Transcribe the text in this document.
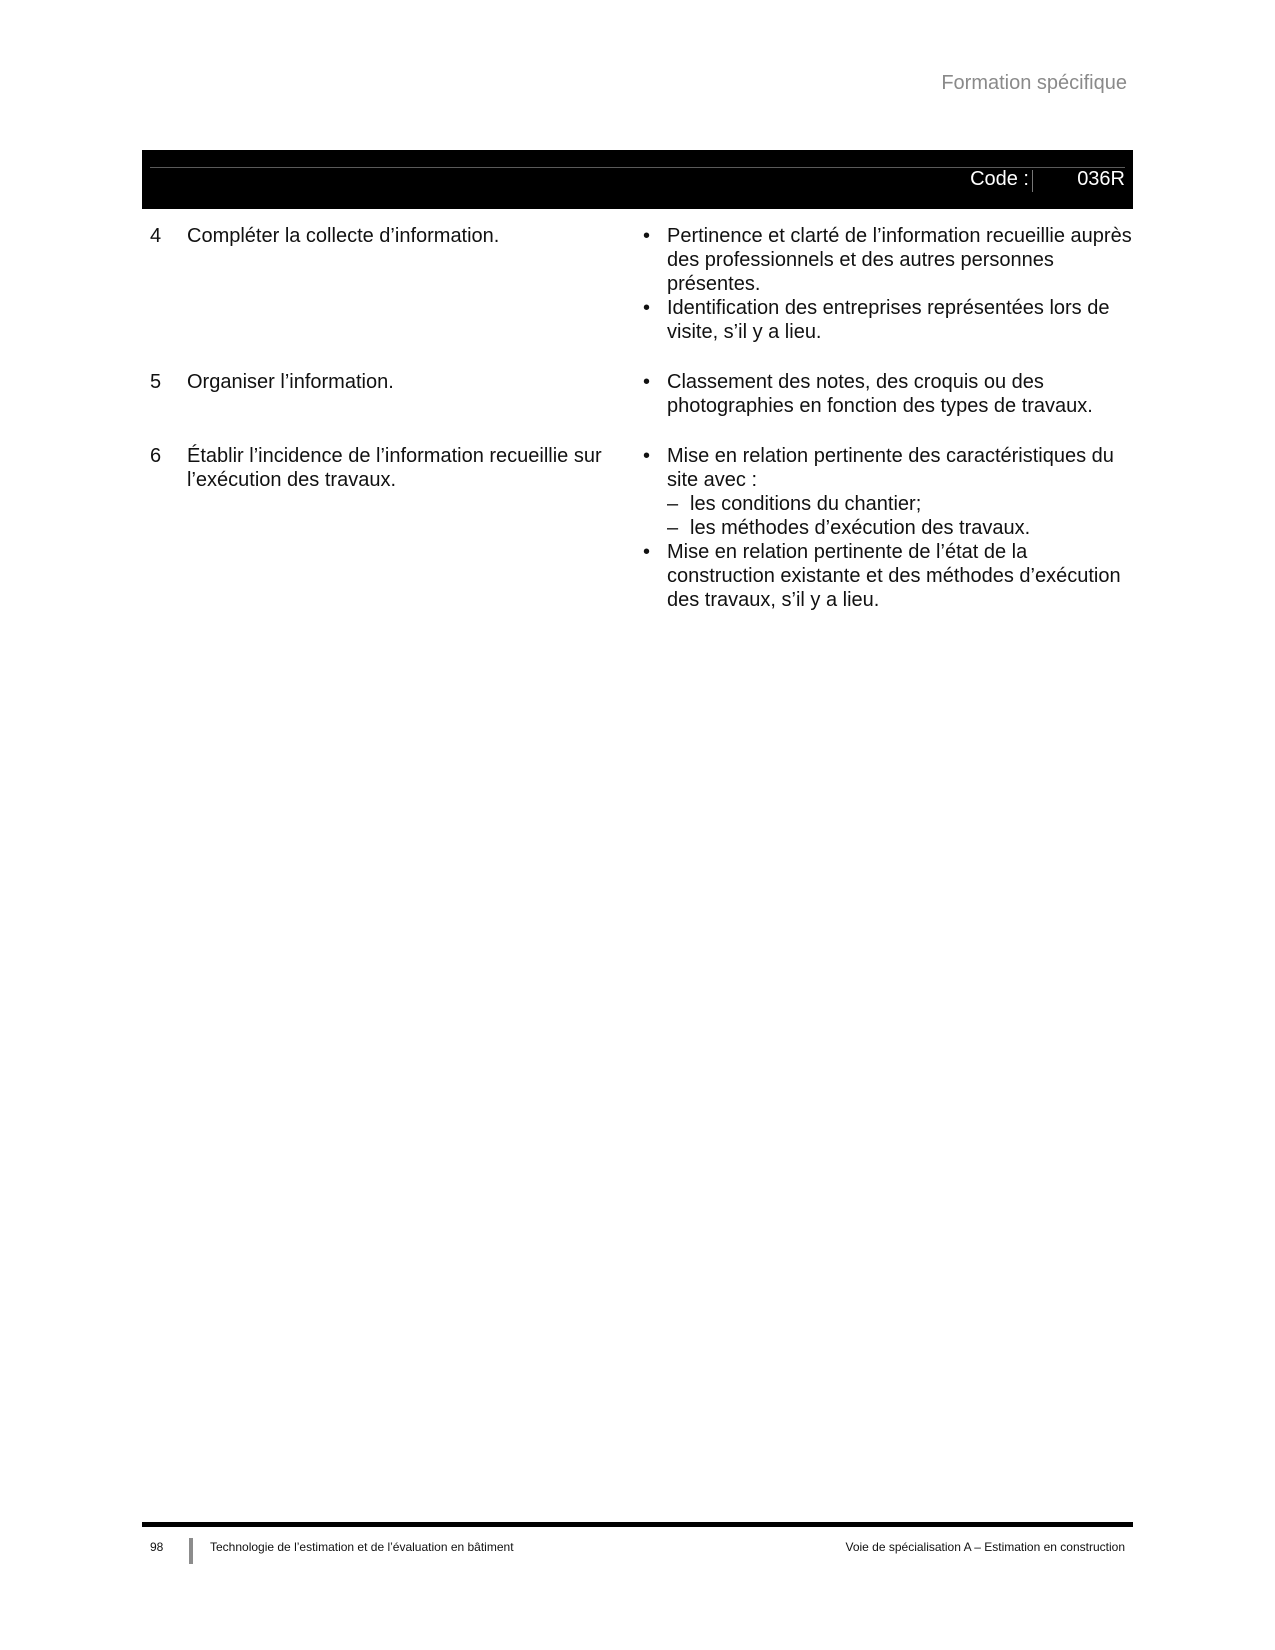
Formation spécifique
Code : 036R
4	Compléter la collecte d’information.	• Pertinence et clarté de l’information recueillie auprès des professionnels et des autres personnes présentes.
• Identification des entreprises représentées lors de visite, s’il y a lieu.
5	Organiser l’information.	• Classement des notes, des croquis ou des photographies en fonction des types de travaux.
6	Établir l’incidence de l’information recueillie sur l’exécution des travaux.
• Mise en relation pertinente des caractéristiques du site avec :
– les conditions du chantier;
– les méthodes d’exécution des travaux.
• Mise en relation pertinente de l’état de la construction existante et des méthodes d’exécution des travaux, s’il y a lieu.
98	Technologie de l’estimation et de l’évaluation en bâtiment	Voie de spécialisation A – Estimation en construction
